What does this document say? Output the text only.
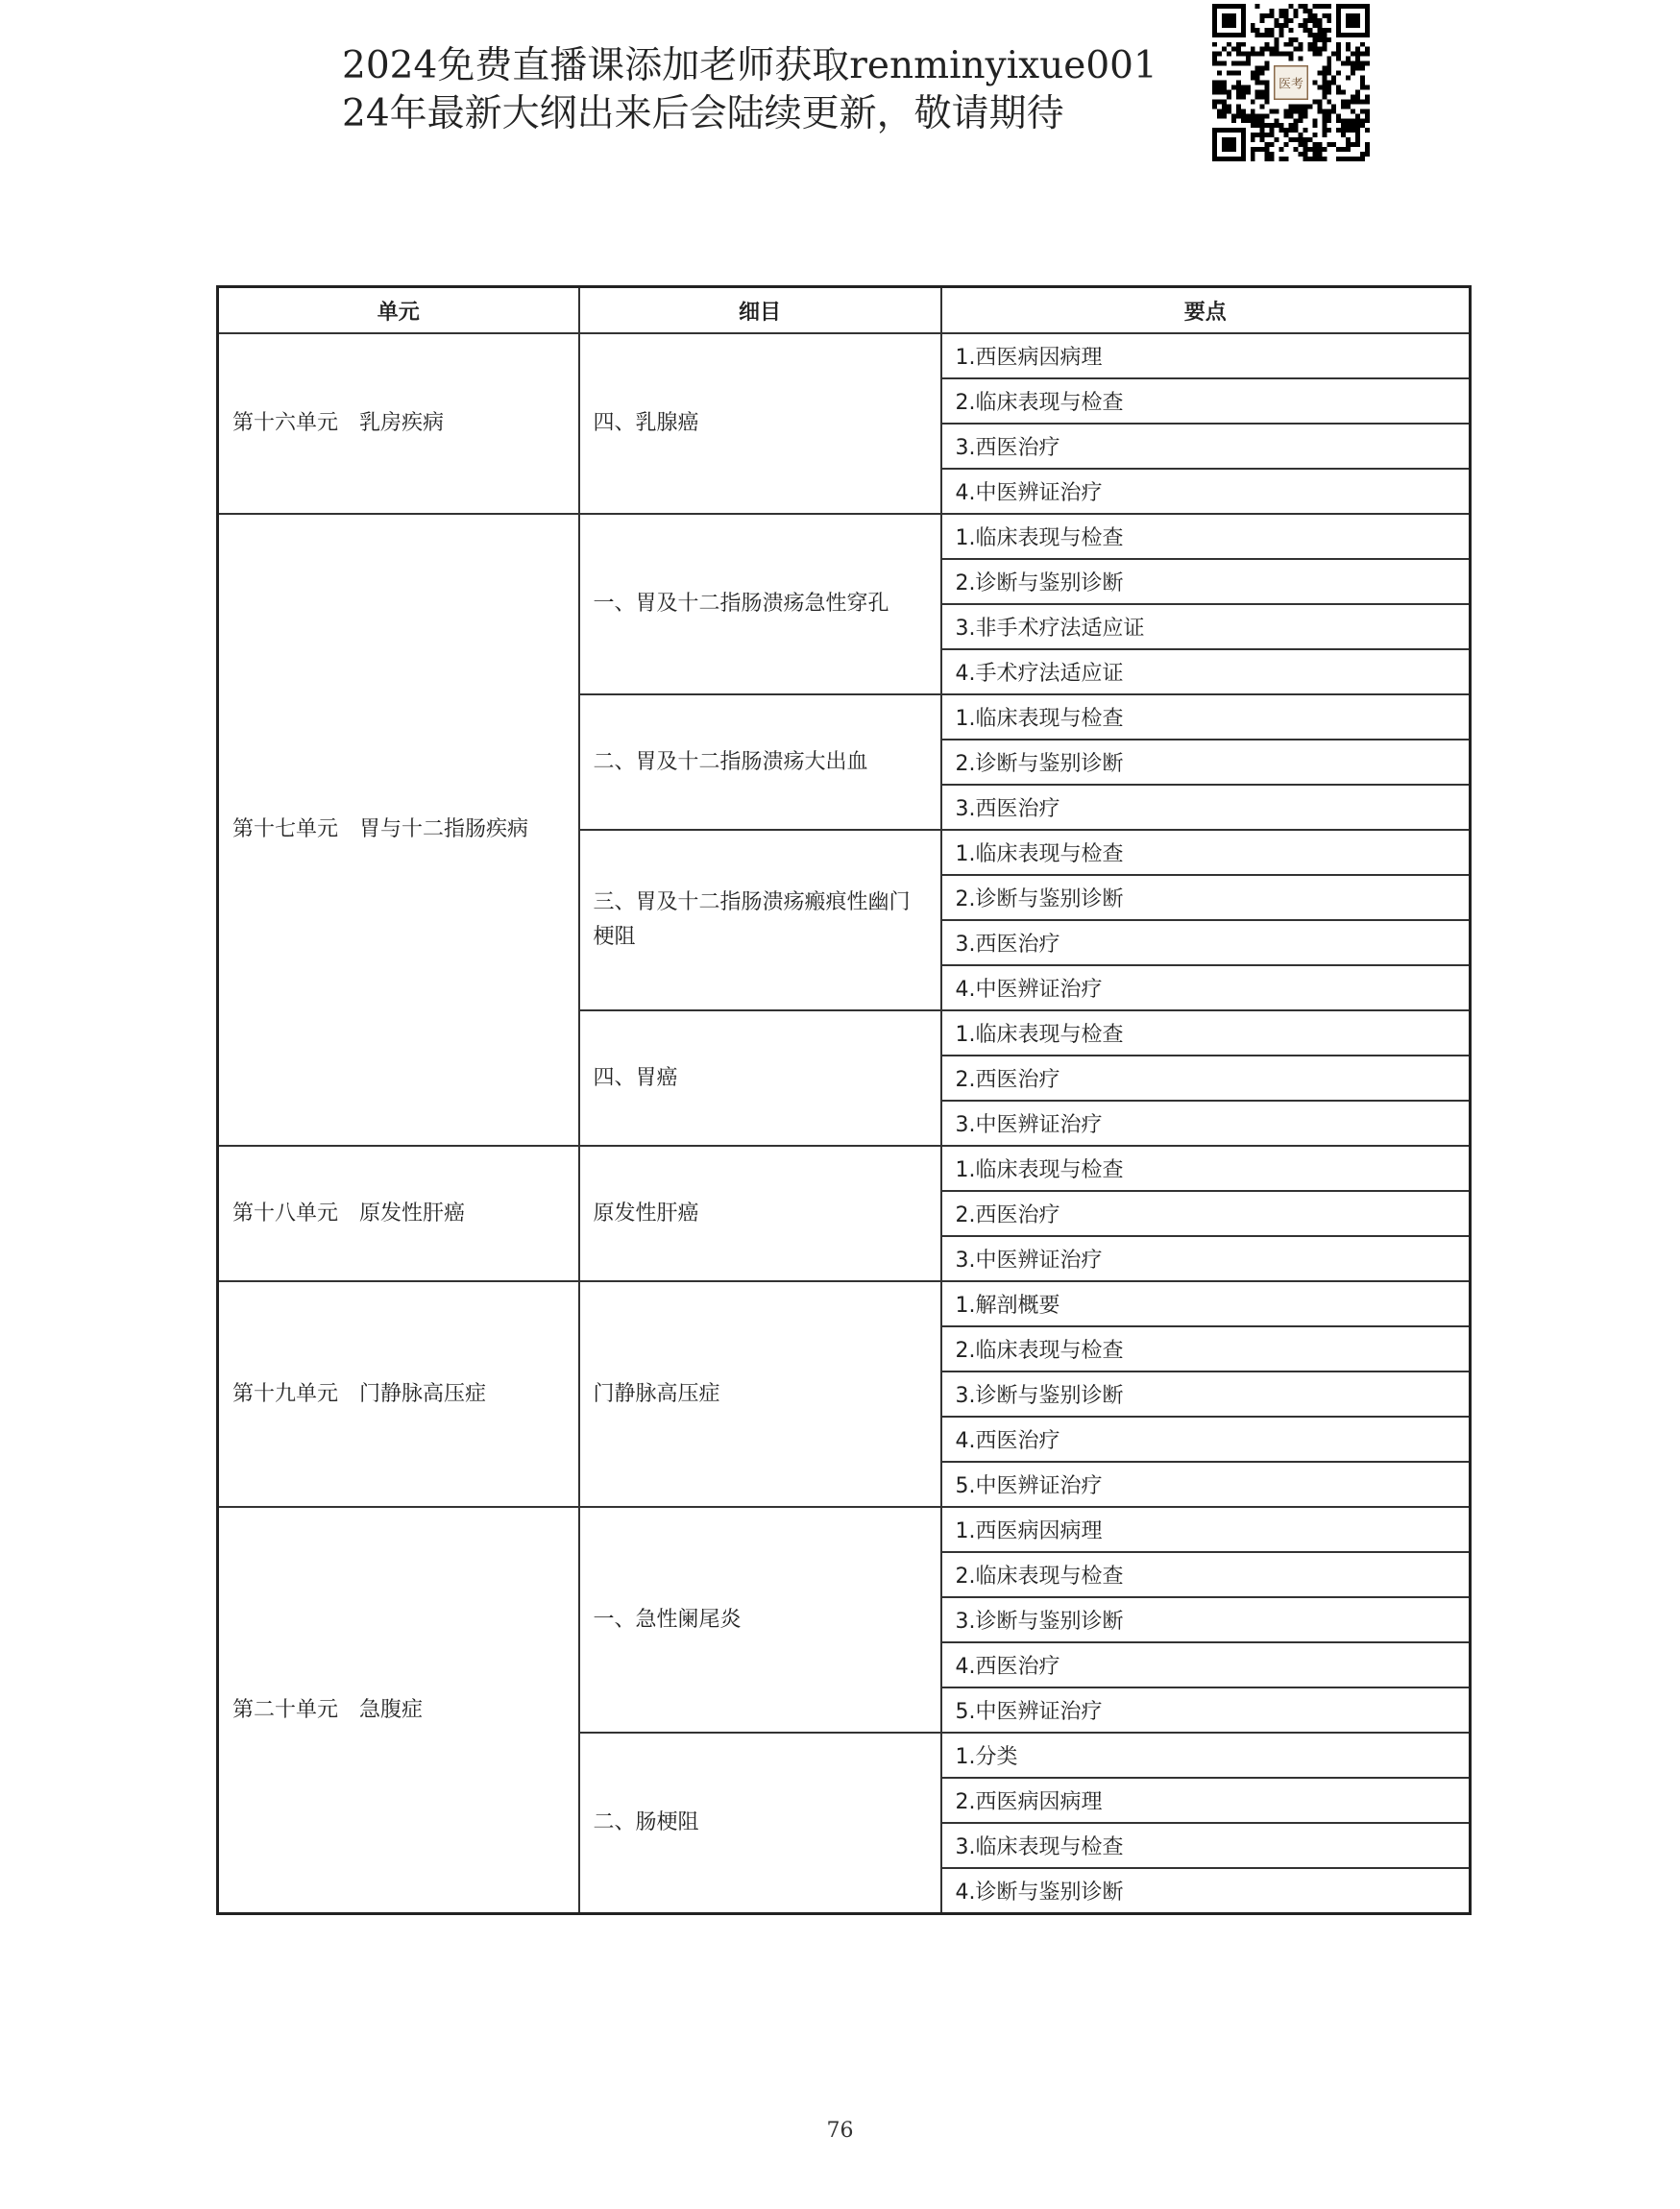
2024免费直播课添加老师获取renminyixue001
24年最新大纲出来后会陆续更新，敬请期待
医考
单元	细目	要点
第十六单元　乳房疾病	四、乳腺癌	1.西医病因病理
		2.临床表现与检查
		3.西医治疗
		4.中医辨证治疗
第十七单元　胃与十二指肠疾病	一、胃及十二指肠溃疡急性穿孔	1.临床表现与检查
		2.诊断与鉴别诊断
		3.非手术疗法适应证
		4.手术疗法适应证
	二、胃及十二指肠溃疡大出血	1.临床表现与检查
		2.诊断与鉴别诊断
		3.西医治疗
	三、胃及十二指肠溃疡瘢痕性幽门梗阻	1.临床表现与检查
		2.诊断与鉴别诊断
		3.西医治疗
		4.中医辨证治疗
	四、胃癌	1.临床表现与检查
		2.西医治疗
		3.中医辨证治疗
第十八单元　原发性肝癌	原发性肝癌	1.临床表现与检查
		2.西医治疗
		3.中医辨证治疗
第十九单元　门静脉高压症	门静脉高压症	1.解剖概要
		2.临床表现与检查
		3.诊断与鉴别诊断
		4.西医治疗
		5.中医辨证治疗
第二十单元　急腹症	一、急性阑尾炎	1.西医病因病理
		2.临床表现与检查
		3.诊断与鉴别诊断
		4.西医治疗
		5.中医辨证治疗
	二、肠梗阻	1.分类
		2.西医病因病理
		3.临床表现与检查
		4.诊断与鉴别诊断
76
